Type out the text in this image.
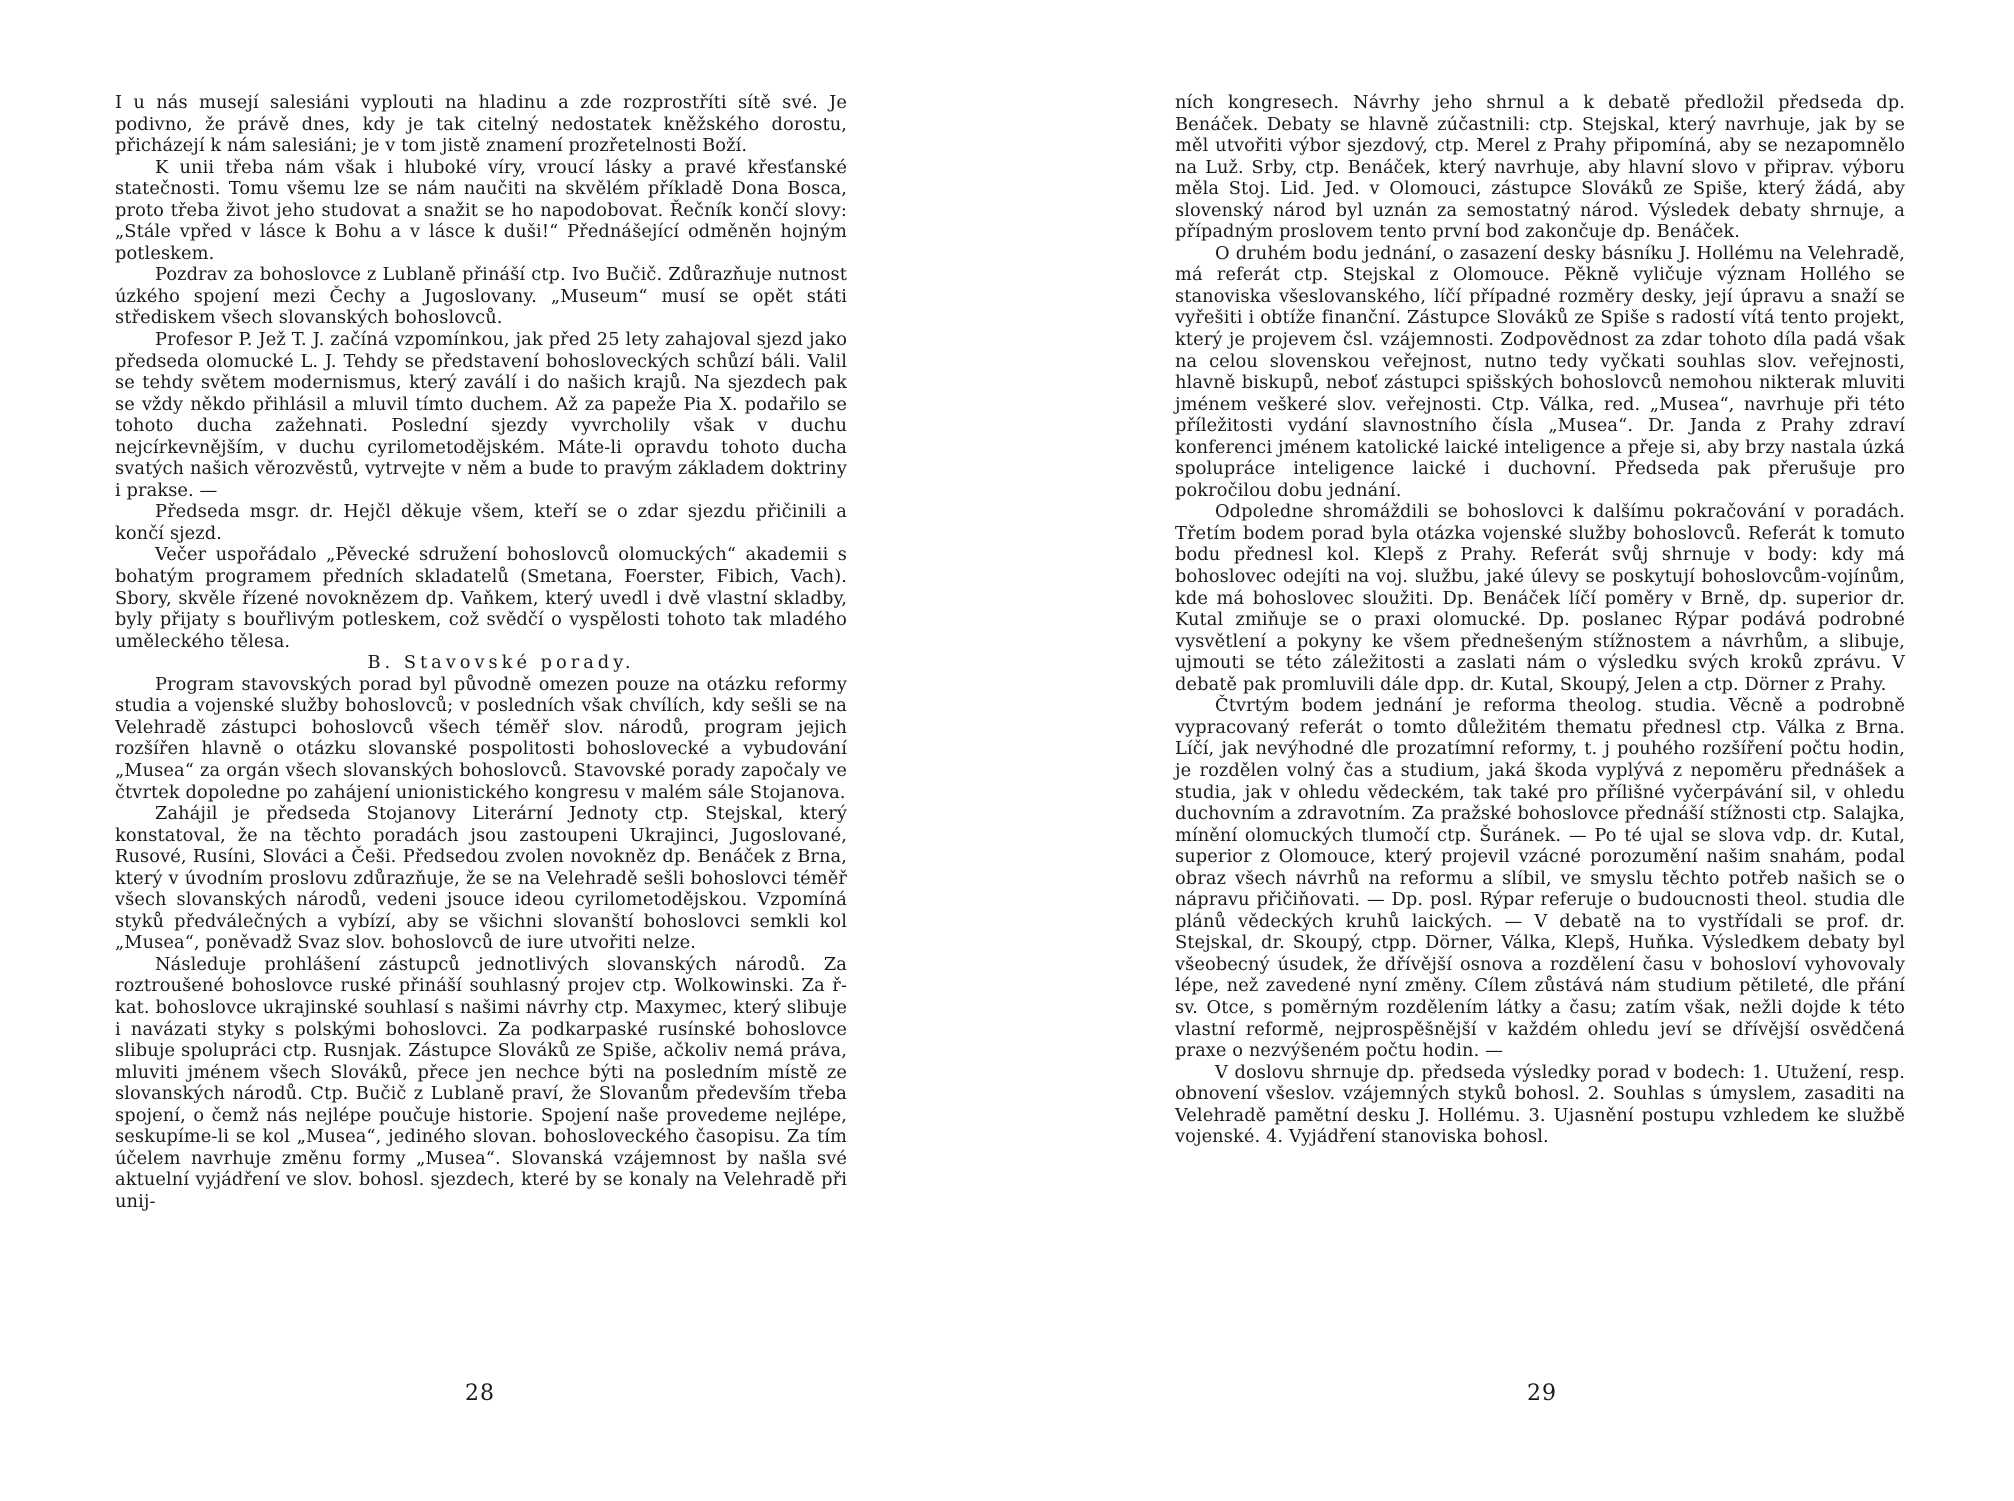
I u nás musejí salesiáni vyplouti na hladinu a zde rozprostříti sítě své. Je podivno, že právě dnes, kdy je tak citelný nedostatek kněžského dorostu, přicházejí k nám salesiáni; je v tom jistě znamení prozřetelnosti Boží.

K unii třeba nám však i hluboké víry, vroucí lásky a pravé křesťanské statečnosti. Tomu všemu lze se nám naučiti na skvělém příkladě Dona Bosca, proto třeba život jeho studovat a snažit se ho napodobovat. Řečník končí slovy: „Stále vpřed v lásce k Bohu a v lásce k duši!“ Přednášející odměněn hojným potleskem.

Pozdrav za bohoslovce z Lublaně přináší ctp. Ivo Bučič. Zdůrazňuje nutnost úzkého spojení mezi Čechy a Jugoslovany. „Museum“ musí se opět státi střediskem všech slovanských bohoslovců.

Profesor P. Jež T. J. začíná vzpomínkou, jak před 25 lety zahajoval sjezd jako předseda olomucké L. J. Tehdy se představení bohosloveckých schůzí báli. Valil se tehdy světem modernismus, který zaválí i do našich krajů. Na sjezdech pak se vždy někdo přihlásil a mluvil tímto duchem. Až za papeže Pia X. podařilo se tohoto ducha zažehnati. Poslední sjezdy vyvrcholily však v duchu nejcírkevnějším, v duchu cyrilometodějském. Máte-li opravdu tohoto ducha svatých našich věrozvěstů, vytrvejte v něm a bude to pravým základem doktriny i prakse. —

Předseda msgr. dr. Hejčl děkuje všem, kteří se o zdar sjezdu přičinili a končí sjezd.

Večer uspořádalo „Pěvecké sdružení bohoslovců olomuckých“ akademii s bohatým programem předních skladatelů (Smetana, Foerster, Fibich, Vach). Sbory, skvěle řízené novoknězem dp. Vaňkem, který uvedl i dvě vlastní skladby, byly přijaty s bouřlivým potleskem, což svědčí o vyspělosti tohoto tak mladého uměleckého tělesa.

B. Stavovské porady.

Program stavovských porad byl původně omezen pouze na otázku reformy studia a vojenské služby bohoslovců; v posledních však chvílích, kdy sešli se na Velehradě zástupci bohoslovců všech téměř slov. národů, program jejich rozšířen hlavně o otázku slovanské pospolitosti bohoslovecké a vybudování „Musea“ za orgán všech slovanských bohoslovců. Stavovské porady započaly ve čtvrtek dopoledne po zahájení unionistického kongresu v malém sále Stojanova.

Zahájil je předseda Stojanovy Literární Jednoty ctp. Stejskal, který konstatoval, že na těchto poradách jsou zastoupeni Ukrajinci, Jugoslované, Rusové, Rusíni, Slováci a Češi. Předsedou zvolen novokněz dp. Benáček z Brna, který v úvodním proslovu zdůrazňuje, že se na Velehradě sešli bohoslovci téměř všech slovanských národů, vedeni jsouce ideou cyrilometodějskou. Vzpomíná styků předválečných a vybízí, aby se všichni slovanští bohoslovci semkli kol „Musea“, poněvadž Svaz slov. bohoslovců de iure utvořiti nelze.

Následuje prohlášení zástupců jednotlivých slovanských národů. Za roztroušené bohoslovce ruské přináší souhlasný projev ctp. Wolkowinski. Za ř-kat. bohoslovce ukrajinské souhlasí s našimi návrhy ctp. Maxymec, který slibuje i navázati styky s polskými bohoslovci. Za podkarpaské rusínské bohoslovce slibuje spolupráci ctp. Rusnjak. Zástupce Slováků ze Spiše, ačkoliv nemá práva, mluviti jménem všech Slováků, přece jen nechce býti na posledním místě ze slovanských národů. Ctp. Bučič z Lublaně praví, že Slovanům především třeba spojení, o čemž nás nejlépe poučuje historie. Spojení naše provedeme nejlépe, seskupíme-li se kol „Musea“, jediného slovan. bohosloveckého časopisu. Za tím účelem navrhuje změnu formy „Musea“. Slovanská vzájemnost by našla své aktuelní vyjádření ve slov. bohosl. sjezdech, které by se konaly na Velehradě při unij-

28

ních kongresech. Návrhy jeho shrnul a k debatě předložil předseda dp. Benáček. Debaty se hlavně zúčastnili: ctp. Stejskal, který navrhuje, jak by se měl utvořiti výbor sjezdový, ctp. Merel z Prahy připomíná, aby se nezapomnělo na Luž. Srby, ctp. Benáček, který navrhuje, aby hlavní slovo v připrav. výboru měla Stoj. Lid. Jed. v Olomouci, zástupce Slováků ze Spiše, který žádá, aby slovenský národ byl uznán za semostatný národ. Výsledek debaty shrnuje, a případným proslovem tento první bod zakončuje dp. Benáček.

O druhém bodu jednání, o zasazení desky básníku J. Hollému na Velehradě, má referát ctp. Stejskal z Olomouce. Pěkně vyličuje význam Hollého se stanoviska všeslovanského, líčí případné rozměry desky, její úpravu a snaží se vyřešiti i obtíže finanční. Zástupce Slováků ze Spiše s radostí vítá tento projekt, který je projevem čsl. vzájemnosti. Zodpovědnost za zdar tohoto díla padá však na celou slovenskou veřejnost, nutno tedy vyčkati souhlas slov. veřejnosti, hlavně biskupů, neboť zástupci spišských bohoslovců nemohou nikterak mluviti jménem veškeré slov. veřejnosti. Ctp. Válka, red. „Musea“, navrhuje při této příležitosti vydání slavnostního čísla „Musea“. Dr. Janda z Prahy zdraví konferenci jménem katolické laické inteligence a přeje si, aby brzy nastala úzká spolupráce inteligence laické i duchovní. Předseda pak přerušuje pro pokročilou dobu jednání.

Odpoledne shromáždili se bohoslovci k dalšímu pokračování v poradách. Třetím bodem porad byla otázka vojenské služby bohoslovců. Referát k tomuto bodu přednesl kol. Klepš z Prahy. Referát svůj shrnuje v body: kdy má bohoslovec odejíti na voj. službu, jaké úlevy se poskytují bohoslovcům-vojínům, kde má bohoslovec sloužiti. Dp. Benáček líčí poměry v Brně, dp. superior dr. Kutal zmiňuje se o praxi olomucké. Dp. poslanec Rýpar podává podrobné vysvětlení a pokyny ke všem přednešeným stížnostem a návrhům, a slibuje, ujmouti se této záležitosti a zaslati nám o výsledku svých kroků zprávu. V debatě pak promluvili dále dpp. dr. Kutal, Skoupý, Jelen a ctp. Dörner z Prahy.

Čtvrtým bodem jednání je reforma theolog. studia. Věcně a podrobně vypracovaný referát o tomto důležitém thematu přednesl ctp. Válka z Brna. Líčí, jak nevýhodné dle prozatímní reformy, t. j pouhého rozšíření počtu hodin, je rozdělen volný čas a studium, jaká škoda vyplývá z nepoměru přednášek a studia, jak v ohledu vědeckém, tak také pro přílišné vyčerpávání sil, v ohledu duchovním a zdravotním. Za pražské bohoslovce přednáší stížnosti ctp. Salajka, mínění olomuckých tlumočí ctp. Šuránek. — Po té ujal se slova vdp. dr. Kutal, superior z Olomouce, který projevil vzácné porozumění našim snahám, podal obraz všech návrhů na reformu a slíbil, ve smyslu těchto potřeb našich se o nápravu přičiňovati. — Dp. posl. Rýpar referuje o budoucnosti theol. studia dle plánů vědeckých kruhů laických. — V debatě na to vystřídali se prof. dr. Stejskal, dr. Skoupý, ctpp. Dörner, Válka, Klepš, Huňka. Výsledkem debaty byl všeobecný úsudek, že dřívější osnova a rozdělení času v bohosloví vyhovovaly lépe, než zavedené nyní změny. Cílem zůstává nám studium pětileté, dle přání sv. Otce, s poměrným rozdělením látky a času; zatím však, nežli dojde k této vlastní reformě, nejprospěšnější v každém ohledu jeví se dřívější osvědčená praxe o nezvýšeném počtu hodin. —

V doslovu shrnuje dp. předseda výsledky porad v bodech: 1. Utužení, resp. obnovení všeslov. vzájemných styků bohosl. 2. Souhlas s úmyslem, zasaditi na Velehradě pamětní desku J. Hollému. 3. Ujasnění postupu vzhledem ke službě vojenské. 4. Vyjádření stanoviska bohosl.

29
